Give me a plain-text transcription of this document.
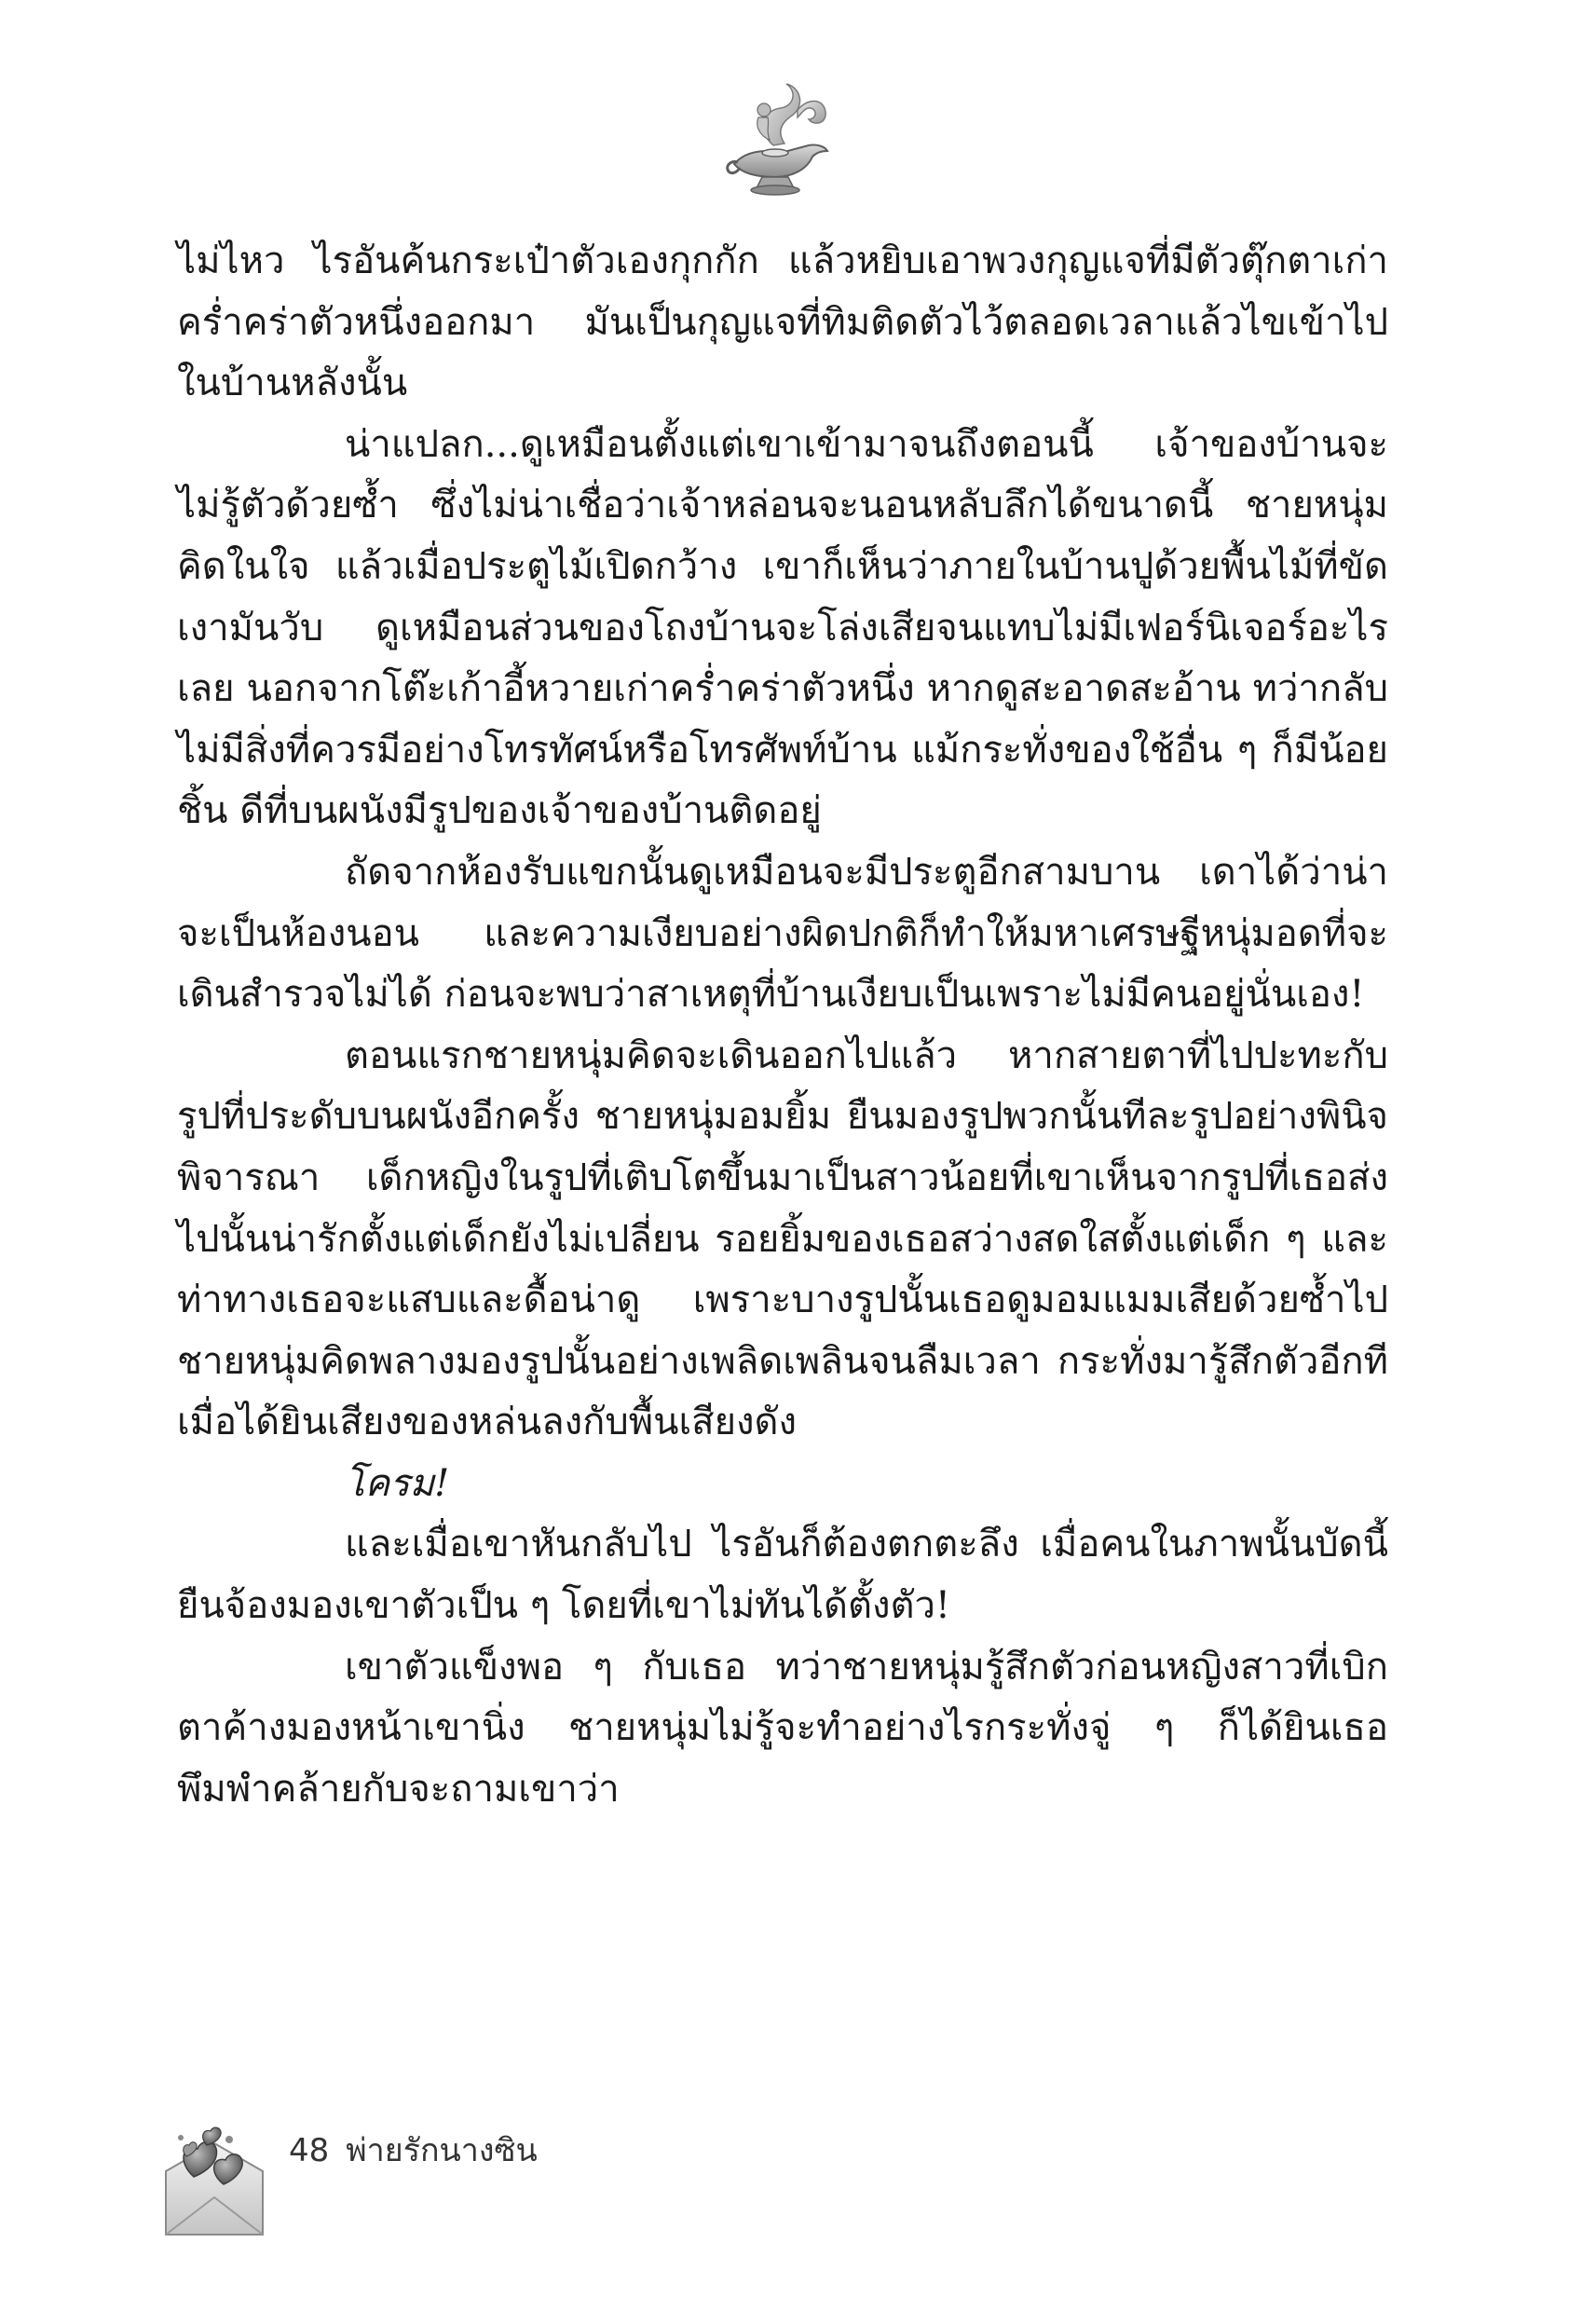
ไม่ไหว ไรอันค้นกระเป๋าตัวเองกุกกัก แล้วหยิบเอาพวงกุญแจที่มีตัวตุ๊กตาเก่าคร่ำคร่าตัวหนึ่งออกมา มันเป็นกุญแจที่ทิมติดตัวไว้ตลอดเวลาแล้วไขเข้าไปในบ้านหลังนั้น

น่าแปลก...ดูเหมือนตั้งแต่เขาเข้ามาจนถึงตอนนี้ เจ้าของบ้านจะไม่รู้ตัวด้วยซ้ำ ซึ่งไม่น่าเชื่อว่าเจ้าหล่อนจะนอนหลับลึกได้ขนาดนี้ ชายหนุ่มคิดในใจ แล้วเมื่อประตูไม้เปิดกว้าง เขาก็เห็นว่าภายในบ้านปูด้วยพื้นไม้ที่ขัดเงามันวับ ดูเหมือนส่วนของโถงบ้านจะโล่งเสียจนแทบไม่มีเฟอร์นิเจอร์อะไรเลย นอกจากโต๊ะเก้าอี้หวายเก่าคร่ำคร่าตัวหนึ่ง หากดูสะอาดสะอ้าน ทว่ากลับไม่มีสิ่งที่ควรมีอย่างโทรทัศน์หรือโทรศัพท์บ้าน แม้กระทั่งของใช้อื่น ๆ ก็มีน้อยชิ้น ดีที่บนผนังมีรูปของเจ้าของบ้านติดอยู่

ถัดจากห้องรับแขกนั้นดูเหมือนจะมีประตูอีกสามบาน เดาได้ว่าน่าจะเป็นห้องนอน และความเงียบอย่างผิดปกติก็ทำให้มหาเศรษฐีหนุ่มอดที่จะเดินสำรวจไม่ได้ ก่อนจะพบว่าสาเหตุที่บ้านเงียบเป็นเพราะไม่มีคนอยู่นั่นเอง!

ตอนแรกชายหนุ่มคิดจะเดินออกไปแล้ว หากสายตาที่ไปปะทะกับรูปที่ประดับบนผนังอีกครั้ง ชายหนุ่มอมยิ้ม ยืนมองรูปพวกนั้นทีละรูปอย่างพินิจพิจารณา เด็กหญิงในรูปที่เติบโตขึ้นมาเป็นสาวน้อยที่เขาเห็นจากรูปที่เธอส่งไปนั้นน่ารักตั้งแต่เด็กยังไม่เปลี่ยน รอยยิ้มของเธอสว่างสดใสตั้งแต่เด็ก ๆ และท่าทางเธอจะแสบและดื้อน่าดู เพราะบางรูปนั้นเธอดูมอมแมมเสียด้วยซ้ำไป ชายหนุ่มคิดพลางมองรูปนั้นอย่างเพลิดเพลินจนลืมเวลา กระทั่งมารู้สึกตัวอีกทีเมื่อได้ยินเสียงของหล่นลงกับพื้นเสียงดัง

โครม!

และเมื่อเขาหันกลับไป ไรอันก็ต้องตกตะลึง เมื่อคนในภาพนั้นบัดนี้ยืนจ้องมองเขาตัวเป็น ๆ โดยที่เขาไม่ทันได้ตั้งตัว!

เขาตัวแข็งพอ ๆ กับเธอ ทว่าชายหนุ่มรู้สึกตัวก่อนหญิงสาวที่เบิกตาค้างมองหน้าเขานิ่ง ชายหนุ่มไม่รู้จะทำอย่างไรกระทั่งจู่ ๆ ก็ได้ยินเธอพึมพำคล้ายกับจะถามเขาว่า

48 พ่ายรักนางซิน
